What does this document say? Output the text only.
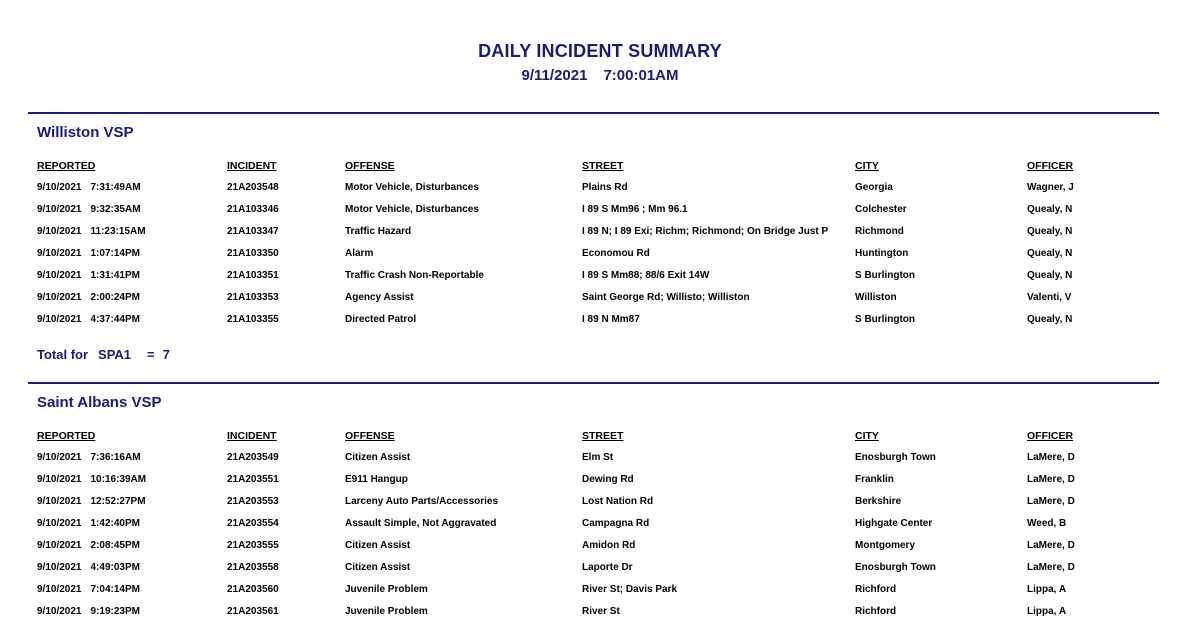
DAILY INCIDENT SUMMARY
9/11/2021 7:00:01AM
Williston VSP
REPORTED	INCIDENT	OFFENSE	STREET	CITY	OFFICER
9/10/2021 7:31:49AM	21A203548	Motor Vehicle, Disturbances	Plains Rd	Georgia	Wagner, J
9/10/2021 9:32:35AM	21A103346	Motor Vehicle, Disturbances	I 89 S Mm96 ; Mm 96.1	Colchester	Quealy, N
9/10/2021 11:23:15AM	21A103347	Traffic Hazard	I 89 N; I 89 Exi; Richm; Richmond; On Bridge Just P	Richmond	Quealy, N
9/10/2021 1:07:14PM	21A103350	Alarm	Economou Rd	Huntington	Quealy, N
9/10/2021 1:31:41PM	21A103351	Traffic Crash Non-Reportable	I 89 S Mm88; 88/6 Exit 14W	S Burlington	Quealy, N
9/10/2021 2:00:24PM	21A103353	Agency Assist	Saint George Rd; Willisto; Williston	Williston	Valenti, V
9/10/2021 4:37:44PM	21A103355	Directed Patrol	I 89 N Mm87	S Burlington	Quealy, N
Total for SPA1 = 7
Saint Albans VSP
REPORTED	INCIDENT	OFFENSE	STREET	CITY	OFFICER
9/10/2021 7:36:16AM	21A203549	Citizen Assist	Elm St	Enosburgh Town	LaMere, D
9/10/2021 10:16:39AM	21A203551	E911 Hangup	Dewing Rd	Franklin	LaMere, D
9/10/2021 12:52:27PM	21A203553	Larceny Auto Parts/Accessories	Lost Nation Rd	Berkshire	LaMere, D
9/10/2021 1:42:40PM	21A203554	Assault Simple, Not Aggravated	Campagna Rd	Highgate Center	Weed, B
9/10/2021 2:08:45PM	21A203555	Citizen Assist	Amidon Rd	Montgomery	LaMere, D
9/10/2021 4:49:03PM	21A203558	Citizen Assist	Laporte Dr	Enosburgh Town	LaMere, D
9/10/2021 7:04:14PM	21A203560	Juvenile Problem	River St; Davis Park	Richford	Lippa, A
9/10/2021 9:19:23PM	21A203561	Juvenile Problem	River St	Richford	Lippa, A
